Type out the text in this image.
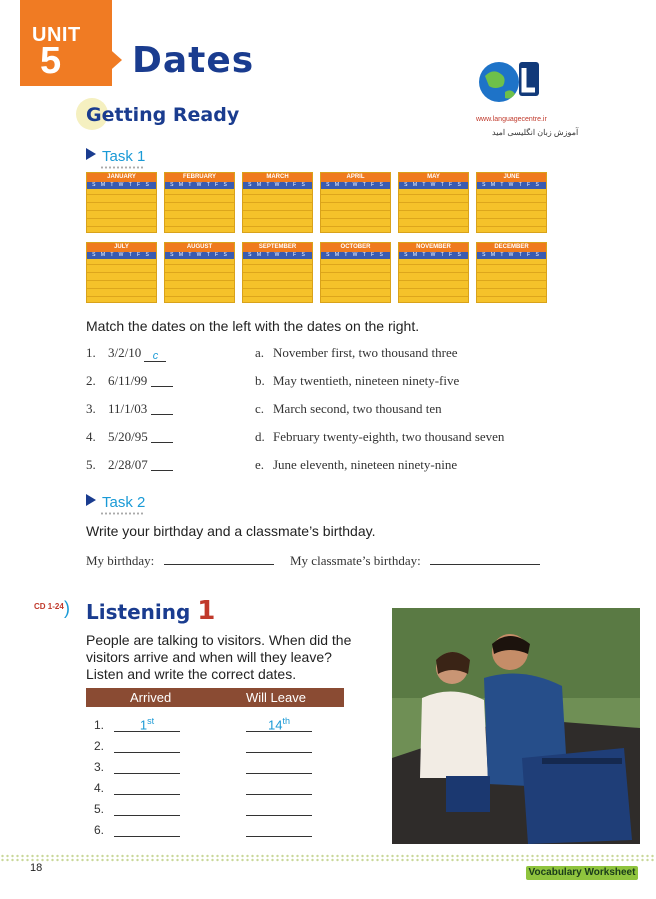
UNIT
5 Dates
www.languagecentre.ir
آموزش زبان انگلیسی امید
Getting Ready
Task 1
JANUARY
S M T W T F S
FEBRUARY
S M T W T F S
MARCH
S M T W T F S
APRIL
S M T W T F S
MAY
S M T W T F S
JUNE
S M T W T F S
JULY
S M T W T F S
AUGUST
S M T W T F S
SEPTEMBER
S M T W T F S
OCTOBER
S M T W T F S
NOVEMBER
S M T W T F S
DECEMBER
S M T W T F S
Match the dates on the left with the dates on the right.
1. 3/2/10 c
2. 6/11/99
3. 11/1/03
4. 5/20/95
5. 2/28/07
a. November first, two thousand three
b. May twentieth, nineteen ninety-five
c. March second, two thousand ten
d. February twenty-eighth, two thousand seven
e. June eleventh, nineteen ninety-nine
Task 2
Write your birthday and a classmate’s birthday.
My birthday:	My classmate’s birthday:
CD 1-24 ) Listening 1
People are talking to visitors. When did the visitors arrive and when will they leave? Listen and write the correct dates.
Arrived	Will Leave
1.	1st	14th
2.
3.
4.
5.
6.
18	Vocabulary Worksheet
